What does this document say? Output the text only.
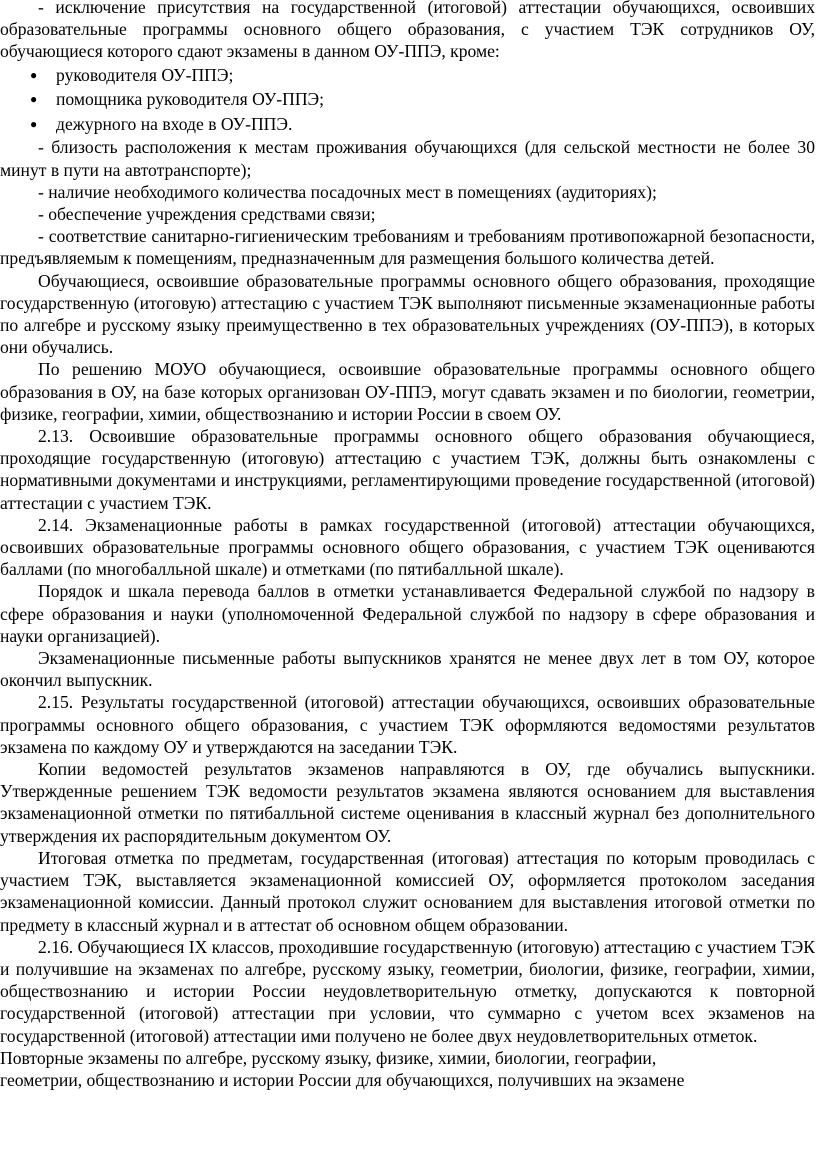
- исключение присутствия на государственной (итоговой) аттестации обучающихся, освоивших образовательные программы основного общего образования, с участием ТЭК сотрудников ОУ, обучающиеся которого сдают экзамены в данном ОУ-ППЭ, кроме:

● руководителя ОУ-ППЭ;
● помощника руководителя ОУ-ППЭ;
● дежурного на входе в ОУ-ППЭ.

- близость расположения к местам проживания обучающихся (для сельской местности не более 30 минут в пути на автотранспорте);

- наличие необходимого количества посадочных мест в помещениях (аудиториях);

- обеспечение учреждения средствами связи;

- соответствие санитарно-гигиеническим требованиям и требованиям противопожарной безопасности, предъявляемым к помещениям, предназначенным для размещения большого количества детей.

Обучающиеся, освоившие образовательные программы основного общего образования, проходящие государственную (итоговую) аттестацию с участием ТЭК выполняют письменные экзаменационные работы по алгебре и русскому языку преимущественно в тех образовательных учреждениях (ОУ-ППЭ), в которых они обучались.

По решению МОУО обучающиеся, освоившие образовательные программы основного общего образования в ОУ, на базе которых организован ОУ-ППЭ, могут сдавать экзамен и по биологии, геометрии, физике, географии, химии, обществознанию и истории России в своем ОУ.

2.13. Освоившие образовательные программы основного общего образования обучающиеся, проходящие государственную (итоговую) аттестацию с участием ТЭК, должны быть ознакомлены с нормативными документами и инструкциями, регламентирующими проведение государственной (итоговой) аттестации с участием ТЭК.

2.14. Экзаменационные работы в рамках государственной (итоговой) аттестации обучающихся, освоивших образовательные программы основного общего образования, с участием ТЭК оцениваются баллами (по многобалльной шкале) и отметками (по пятибалльной шкале).

Порядок и шкала перевода баллов в отметки устанавливается Федеральной службой по надзору в сфере образования и науки (уполномоченной Федеральной службой по надзору в сфере образования и науки организацией).

Экзаменационные письменные работы выпускников хранятся не менее двух лет в том ОУ, которое окончил выпускник.

2.15. Результаты государственной (итоговой) аттестации обучающихся, освоивших образовательные программы основного общего образования, с участием ТЭК оформляются ведомостями результатов экзамена по каждому ОУ и утверждаются на заседании ТЭК.

Копии ведомостей результатов экзаменов направляются в ОУ, где обучались выпускники. Утвержденные решением ТЭК ведомости результатов экзамена являются основанием для выставления экзаменационной отметки по пятибалльной системе оценивания в классный журнал без дополнительного утверждения их распорядительным документом ОУ.

Итоговая отметка по предметам, государственная (итоговая) аттестация по которым проводилась с участием ТЭК, выставляется экзаменационной комиссией ОУ, оформляется протоколом заседания экзаменационной комиссии. Данный протокол служит основанием для выставления итоговой отметки по предмету в классный журнал и в аттестат об основном общем образовании.

2.16. Обучающиеся IX классов, проходившие государственную (итоговую) аттестацию с участием ТЭК и получившие на экзаменах по алгебре, русскому языку, геометрии, биологии, физике, географии, химии, обществознанию и истории России неудовлетворительную отметку, допускаются к повторной государственной (итоговой) аттестации при условии, что суммарно с учетом всех экзаменов на государственной (итоговой) аттестации ими получено не более двух неудовлетворительных отметок.

Повторные экзамены по алгебре, русскому языку, физике, химии, биологии, географии,

геометрии, обществознанию и истории России для обучающихся, получивших на экзамене
